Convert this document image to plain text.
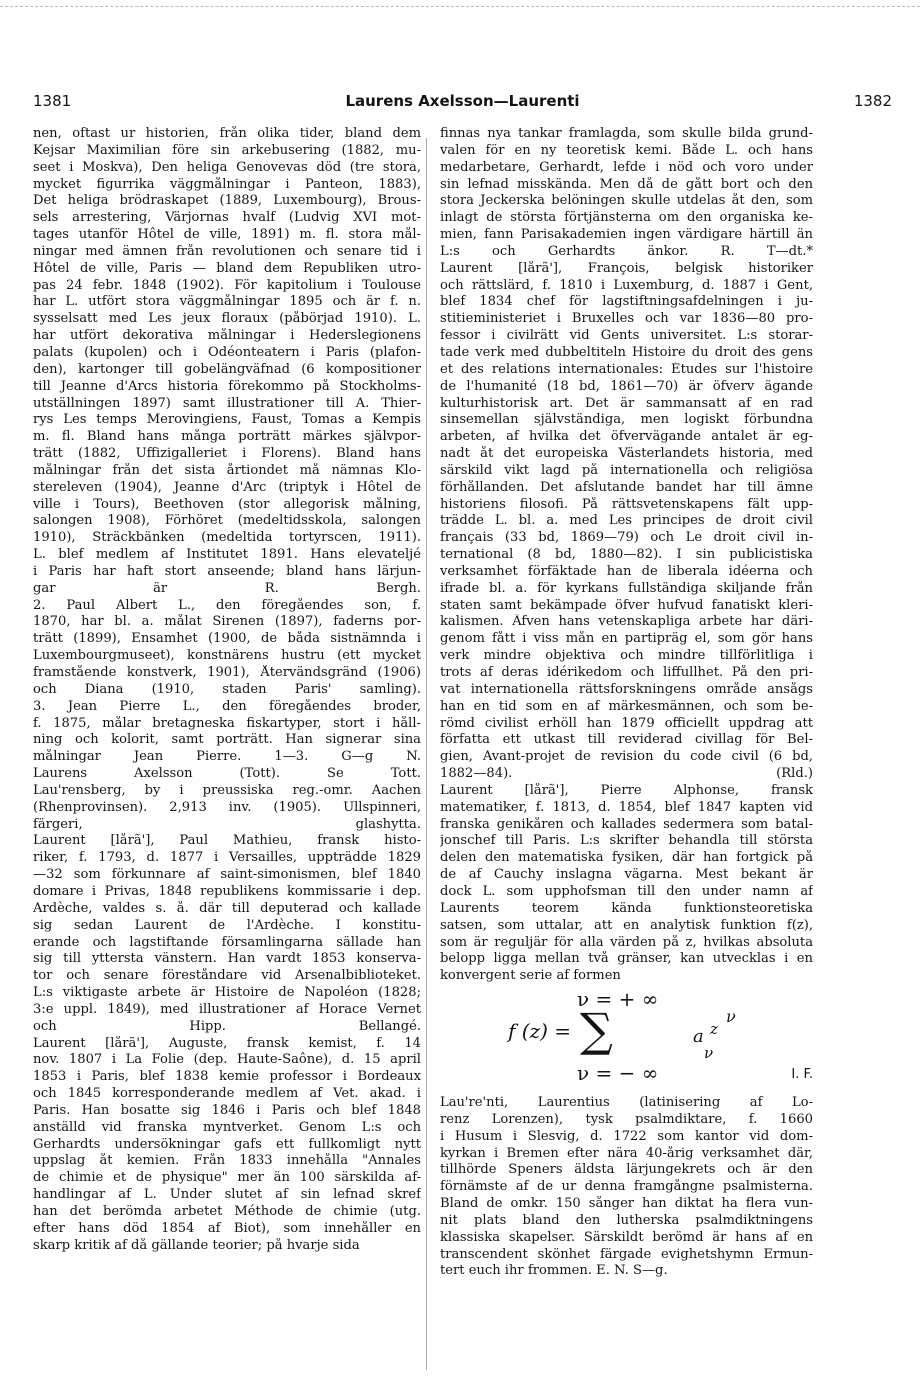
1381	Laurens Axelsson—Laurenti	1382
nen, oftast ur historien, från olika tider, bland dem
Kejsar Maximilian före sin arkebusering (1882, mu-
seet i Moskva), Den heliga Genovevas död (tre stora,
mycket figurrika väggmålningar i Panteon, 1883),
Det heliga brödraskapet (1889, Luxembourg), Brous-
sels arrestering, Värjornas hvalf (Ludvig XVI mot-
tages utanför Hôtel de ville, 1891) m. fl. stora mål-
ningar med ämnen från revolutionen och senare tid i
Hôtel de ville, Paris — bland dem Republiken utro-
pas 24 febr. 1848 (1902). För kapitolium i Toulouse
har L. utfört stora väggmålningar 1895 och är f. n.
sysselsatt med Les jeux floraux (påbörjad 1910). L.
har utfört dekorativa målningar i Hederslegionens
palats (kupolen) och i Odéonteatern i Paris (plafon-
den), kartonger till gobelängväfnad (6 kompositioner
till Jeanne d'Arcs historia förekommo på Stockholms-
utställningen 1897) samt illustrationer till A. Thier-
rys Les temps Merovingiens, Faust, Tomas a Kempis
m. fl. Bland hans många porträtt märkes självpor-
trätt (1882, Uffizigalleriet i Florens). Bland hans
målningar från det sista årtiondet må nämnas Klo-
stereleven (1904), Jeanne d'Arc (triptyk i Hôtel de
ville i Tours), Beethoven (stor allegorisk målning,
salongen 1908), Förhöret (medeltidsskola, salongen
1910), Sträckbänken (medeltida tortyrscen, 1911).
L. blef medlem af Institutet 1891. Hans elevateljé
i Paris har haft stort anseende; bland hans lärjun-
gar är R. Bergh.
2. Paul Albert L., den föregåendes son, f.
1870, har bl. a. målat Sirenen (1897), faderns por-
trätt (1899), Ensamhet (1900, de båda sistnämnda i
Luxembourgmuseet), konstnärens hustru (ett mycket
framstående konstverk, 1901), Återvändsgränd (1906)
och Diana (1910, staden Paris' samling).
3. Jean Pierre L., den föregåendes broder,
f. 1875, målar bretagneska fiskartyper, stort i håll-
ning och kolorit, samt porträtt. Han signerar sina
målningar Jean Pierre. 1—3. G—g N.
Laurens Axelsson (Tott). Se Tott.
Lau'rensberg, by i preussiska reg.-omr. Aachen
(Rhenprovinsen). 2,913 inv. (1905). Ullspinneri,
färgeri, glashytta.
Laurent [lårã'], Paul Mathieu, fransk histo-
riker, f. 1793, d. 1877 i Versailles, uppträdde 1829
—32 som förkunnare af saint-simonismen, blef 1840
domare i Privas, 1848 republikens kommissarie i dep.
Ardèche, valdes s. å. där till deputerad och kallade
sig sedan Laurent de l'Ardèche. I konstitu-
erande och lagstiftande församlingarna sällade han
sig till yttersta vänstern. Han vardt 1853 konserva-
tor och senare föreståndare vid Arsenalbiblioteket.
L:s viktigaste arbete är Histoire de Napoléon (1828;
3:e uppl. 1849), med illustrationer af Horace Vernet
och Hipp. Bellangé.
Laurent [lårã'], Auguste, fransk kemist, f. 14
nov. 1807 i La Folie (dep. Haute-Saône), d. 15 april
1853 i Paris, blef 1838 kemie professor i Bordeaux
och 1845 korresponderande medlem af Vet. akad. i
Paris. Han bosatte sig 1846 i Paris och blef 1848
anställd vid franska myntverket. Genom L:s och
Gerhardts undersökningar gafs ett fullkomligt nytt
uppslag åt kemien. Från 1833 innehålla "Annales
de chimie et de physique" mer än 100 särskilda af-
handlingar af L. Under slutet af sin lefnad skref
han det berömda arbetet Méthode de chimie (utg.
efter hans död 1854 af Biot), som innehåller en
skarp kritik af då gällande teorier; på hvarje sida
finnas nya tankar framlagda, som skulle bilda grund-
valen för en ny teoretisk kemi. Både L. och hans
medarbetare, Gerhardt, lefde i nöd och voro under
sin lefnad misskända. Men då de gått bort och den
stora Jeckerska belöningen skulle utdelas åt den, som
inlagt de största förtjänsterna om den organiska ke-
mien, fann Parisakademien ingen värdigare härtill än
L:s och Gerhardts änkor. R. T—dt.*
Laurent [lårã'], François, belgisk historiker
och rättslärd, f. 1810 i Luxemburg, d. 1887 i Gent,
blef 1834 chef för lagstiftningsafdelningen i ju-
stitieministeriet i Bruxelles och var 1836—80 pro-
fessor i civilrätt vid Gents universitet. L:s storar-
tade verk med dubbeltiteln Histoire du droit des gens
et des relations internationales: Études sur l'histoire
de l'humanité (18 bd, 1861—70) är öfverv ägande
kulturhistorisk art. Det är sammansatt af en rad
sinsemellan självständiga, men logiskt förbundna
arbeten, af hvilka det öfvervägande antalet är eg-
nadt åt det europeiska Västerlandets historia, med
särskild vikt lagd på internationella och religiösa
förhållanden. Det afslutande bandet har till ämne
historiens filosofi. På rättsvetenskapens fält upp-
trädde L. bl. a. med Les principes de droit civil
français (33 bd, 1869—79) och Le droit civil in-
ternational (8 bd, 1880—82). I sin publicistiska
verksamhet förfäktade han de liberala idéerna och
ifrade bl. a. för kyrkans fullständiga skiljande från
staten samt bekämpade öfver hufvud fanatiskt kleri-
kalismen. Äfven hans vetenskapliga arbete har däri-
genom fått i viss mån en partipräg el, som gör hans
verk mindre objektiva och mindre tillförlitliga i
trots af deras idérikedom och liffullhet. På den pri-
vat internationella rättsforskningens område ansågs
han en tid som en af märkesmännen, och som be-
römd civilist erhöll han 1879 officiellt uppdrag att
författa ett utkast till reviderad civillag för Bel-
gien, Avant-projet de revision du code civil (6 bd,
1882—84). (Rld.)
Laurent [lårã'], Pierre Alphonse, fransk
matematiker, f. 1813, d. 1854, blef 1847 kapten vid
franska genikåren och kallades sedermera som batal-
jonschef till Paris. L:s skrifter behandla till största
delen den matematiska fysiken, där han fortgick på
de af Cauchy inslagna vägarna. Mest bekant är
dock L. som upphofsman till den under namn af
Laurents teorem kända funktionsteoretiska
satsen, som uttalar, att en analytisk funktion f(z),
som är reguljär för alla värden på z, hvilkas absoluta
belopp ligga mellan två gränser, kan utvecklas i en
konvergent serie af formen
ν = + ∞
f (z) = ∑	a z
ν
ν
ν = − ∞	I. F.
Lau're'nti, Laurentius (latinisering af Lo-
renz Lorenzen), tysk psalmdiktare, f. 1660
i Husum i Slesvig, d. 1722 som kantor vid dom-
kyrkan i Bremen efter nära 40-årig verksamhet där,
tillhörde Speners äldsta lärjungekrets och är den
förnämste af de ur denna framgångne psalmisterna.
Bland de omkr. 150 sånger han diktat ha flera vun-
nit plats bland den lutherska psalmdiktningens
klassiska skapelser. Särskildt berömd är hans af en
transcendent skönhet färgade evighetshymn Ermun-
tert euch ihr frommen. E. N. S—g.
